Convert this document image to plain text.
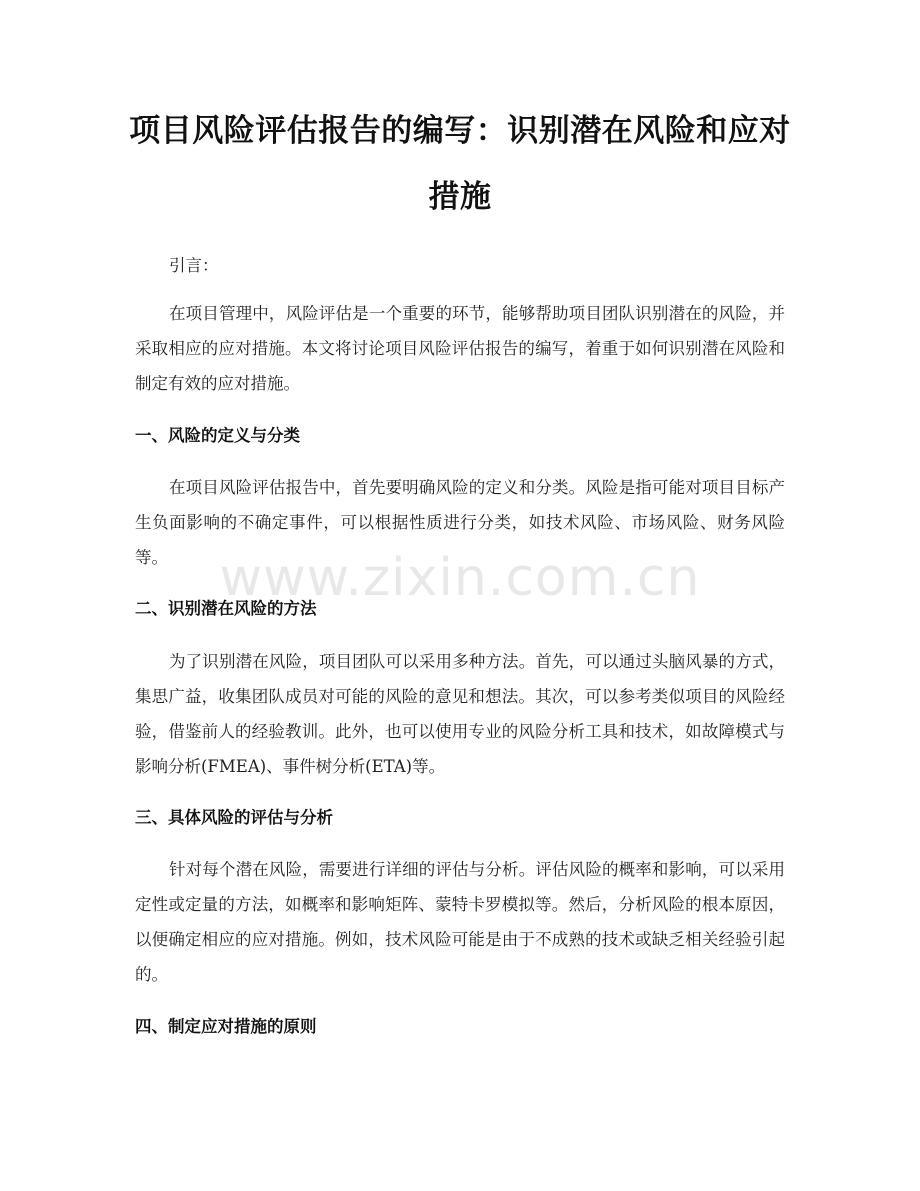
项目风险评估报告的编写：识别潜在风险和应对措施
引言：
在项目管理中，风险评估是一个重要的环节，能够帮助项目团队识别潜在的风险，并采取相应的应对措施。本文将讨论项目风险评估报告的编写，着重于如何识别潜在风险和制定有效的应对措施。
一、风险的定义与分类
在项目风险评估报告中，首先要明确风险的定义和分类。风险是指可能对项目目标产生负面影响的不确定事件，可以根据性质进行分类，如技术风险、市场风险、财务风险等。
二、识别潜在风险的方法
为了识别潜在风险，项目团队可以采用多种方法。首先，可以通过头脑风暴的方式，集思广益，收集团队成员对可能的风险的意见和想法。其次，可以参考类似项目的风险经验，借鉴前人的经验教训。此外，也可以使用专业的风险分析工具和技术，如故障模式与影响分析(FMEA)、事件树分析(ETA)等。
三、具体风险的评估与分析
针对每个潜在风险，需要进行详细的评估与分析。评估风险的概率和影响，可以采用定性或定量的方法，如概率和影响矩阵、蒙特卡罗模拟等。然后，分析风险的根本原因，以便确定相应的应对措施。例如，技术风险可能是由于不成熟的技术或缺乏相关经验引起的。
四、制定应对措施的原则
www.zixin.com.cn
